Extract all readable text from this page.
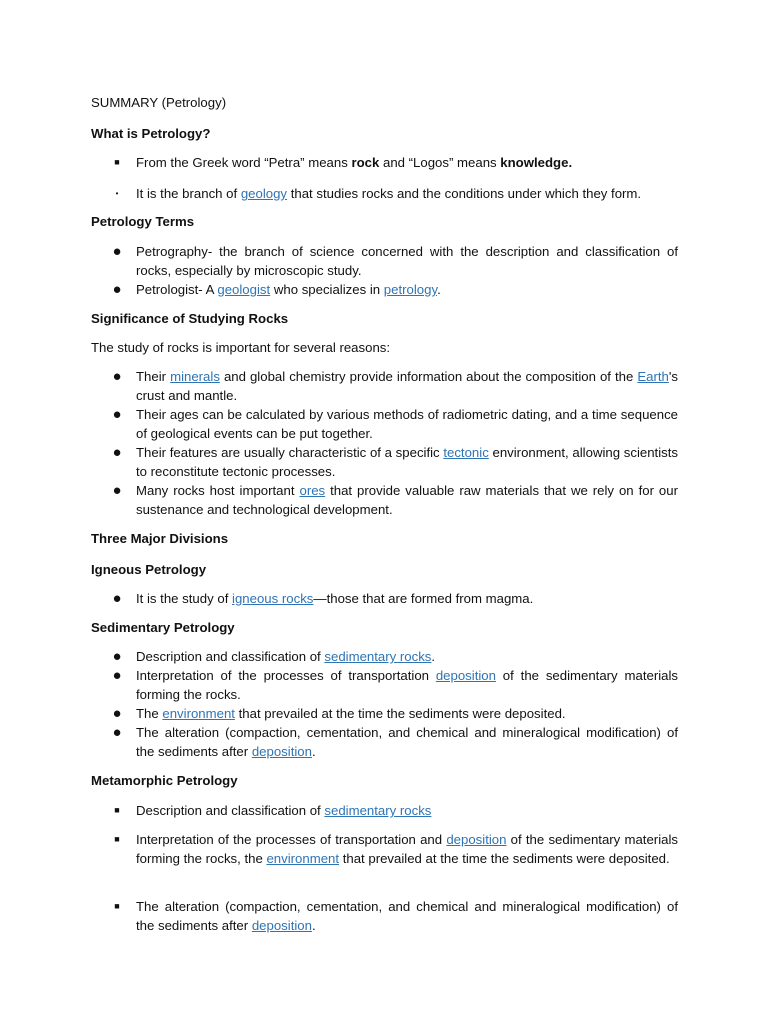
SUMMARY (Petrology)
What is Petrology?
■ From the Greek word “Petra” means rock and “Logos” means knowledge.
•	It is the branch of geology that studies rocks and the conditions under which they form.
Petrology Terms
● Petrography- the branch of science concerned with the description and classification of rocks, especially by microscopic study.
● Petrologist- A geologist who specializes in petrology.
Significance of Studying Rocks
The study of rocks is important for several reasons:
● Their minerals and global chemistry provide information about the composition of the Earth's crust and mantle.
● Their ages can be calculated by various methods of radiometric dating, and a time sequence of geological events can be put together.
● Their features are usually characteristic of a specific tectonic environment, allowing scientists to reconstitute tectonic processes.
● Many rocks host important ores that provide valuable raw materials that we rely on for our sustenance and technological development.
Three Major Divisions
Igneous Petrology
● It is the study of igneous rocks—those that are formed from magma.
Sedimentary Petrology
● Description and classification of sedimentary rocks.
● Interpretation of the processes of transportation deposition of the sedimentary materials forming the rocks.
● The environment that prevailed at the time the sediments were deposited.
● The alteration (compaction, cementation, and chemical and mineralogical modification) of the sediments after deposition.
Metamorphic Petrology
■ Description and classification of sedimentary rocks
■ Interpretation of the processes of transportation and deposition of the sedimentary materials forming the rocks, the environment that prevailed at the time the sediments were deposited.
■ The alteration (compaction, cementation, and chemical and mineralogical modification) of the sediments after deposition.
